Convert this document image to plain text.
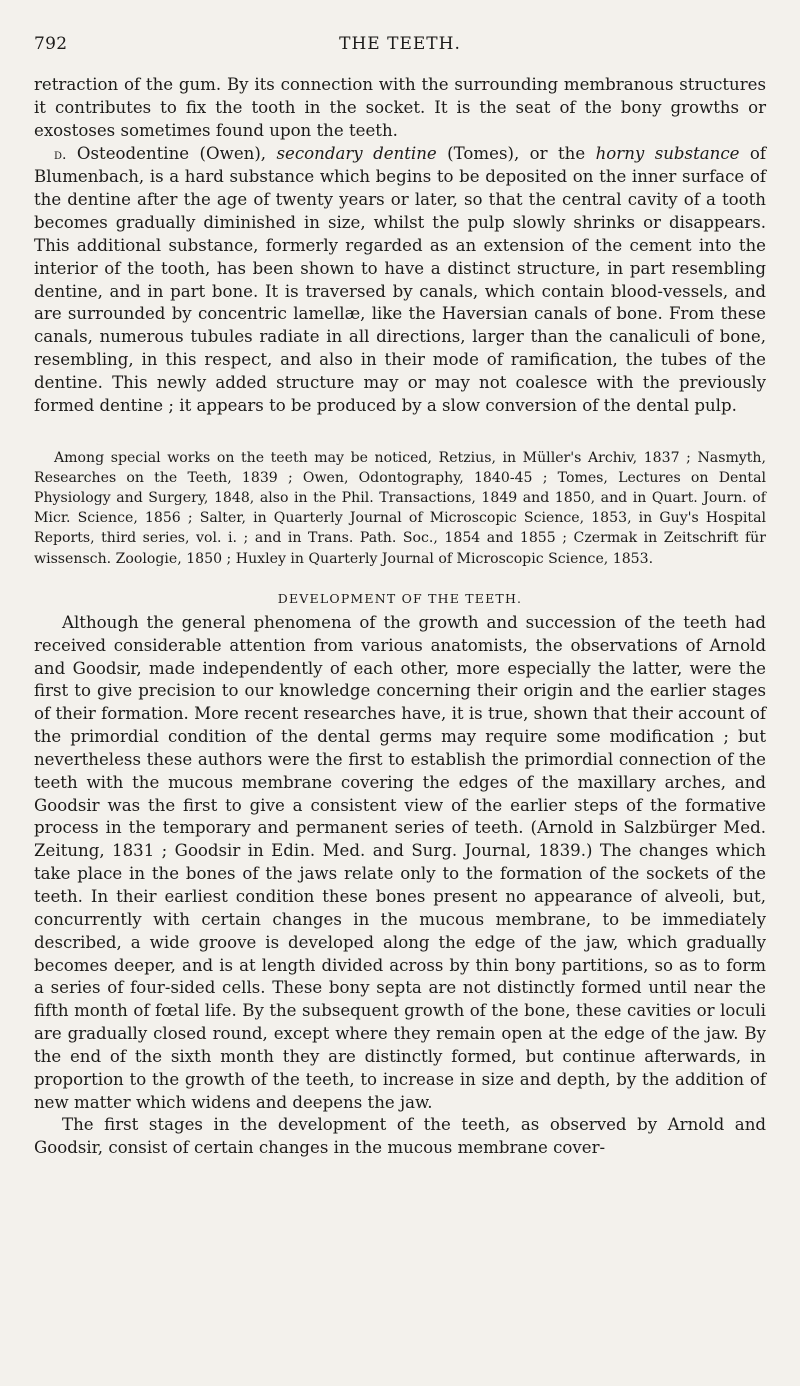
792	THE TEETH.

retraction of the gum. By its connection with the surrounding membranous structures it contributes to fix the tooth in the socket. It is the seat of the bony growths or exostoses sometimes found upon the teeth.

d. Osteodentine (Owen), secondary dentine (Tomes), or the horny substance of Blumenbach, is a hard substance which begins to be deposited on the inner surface of the dentine after the age of twenty years or later, so that the central cavity of a tooth becomes gradually diminished in size, whilst the pulp slowly shrinks or disappears. This additional substance, formerly regarded as an extension of the cement into the interior of the tooth, has been shown to have a distinct structure, in part resembling dentine, and in part bone. It is traversed by canals, which contain blood-vessels, and are surrounded by concentric lamellæ, like the Haversian canals of bone. From these canals, numerous tubules radiate in all directions, larger than the canaliculi of bone, resembling, in this respect, and also in their mode of ramification, the tubes of the dentine. This newly added structure may or may not coalesce with the previously formed dentine ; it appears to be produced by a slow conversion of the dental pulp.

Among special works on the teeth may be noticed, Retzius, in Müller's Archiv, 1837 ; Nasmyth, Researches on the Teeth, 1839 ; Owen, Odontography, 1840-45 ; Tomes, Lectures on Dental Physiology and Surgery, 1848, also in the Phil. Transactions, 1849 and 1850, and in Quart. Journ. of Micr. Science, 1856 ; Salter, in Quarterly Journal of Microscopic Science, 1853, in Guy's Hospital Reports, third series, vol. i. ; and in Trans. Path. Soc., 1854 and 1855 ; Czermak in Zeitschrift für wissensch. Zoologie, 1850 ; Huxley in Quarterly Journal of Microscopic Science, 1853.

DEVELOPMENT OF THE TEETH.

Although the general phenomena of the growth and succession of the teeth had received considerable attention from various anatomists, the observations of Arnold and Goodsir, made independently of each other, more especially the latter, were the first to give precision to our knowledge concerning their origin and the earlier stages of their formation. More recent researches have, it is true, shown that their account of the primordial condition of the dental germs may require some modification ; but nevertheless these authors were the first to establish the primordial connection of the teeth with the mucous membrane covering the edges of the maxillary arches, and Goodsir was the first to give a consistent view of the earlier steps of the formative process in the temporary and permanent series of teeth. (Arnold in Salzbürger Med. Zeitung, 1831 ; Goodsir in Edin. Med. and Surg. Journal, 1839.) The changes which take place in the bones of the jaws relate only to the formation of the sockets of the teeth. In their earliest condition these bones present no appearance of alveoli, but, concurrently with certain changes in the mucous membrane, to be immediately described, a wide groove is developed along the edge of the jaw, which gradually becomes deeper, and is at length divided across by thin bony partitions, so as to form a series of four-sided cells. These bony septa are not distinctly formed until near the fifth month of fœtal life. By the subsequent growth of the bone, these cavities or loculi are gradually closed round, except where they remain open at the edge of the jaw. By the end of the sixth month they are distinctly formed, but continue afterwards, in proportion to the growth of the teeth, to increase in size and depth, by the addition of new matter which widens and deepens the jaw.

The first stages in the development of the teeth, as observed by Arnold and Goodsir, consist of certain changes in the mucous membrane cover-
